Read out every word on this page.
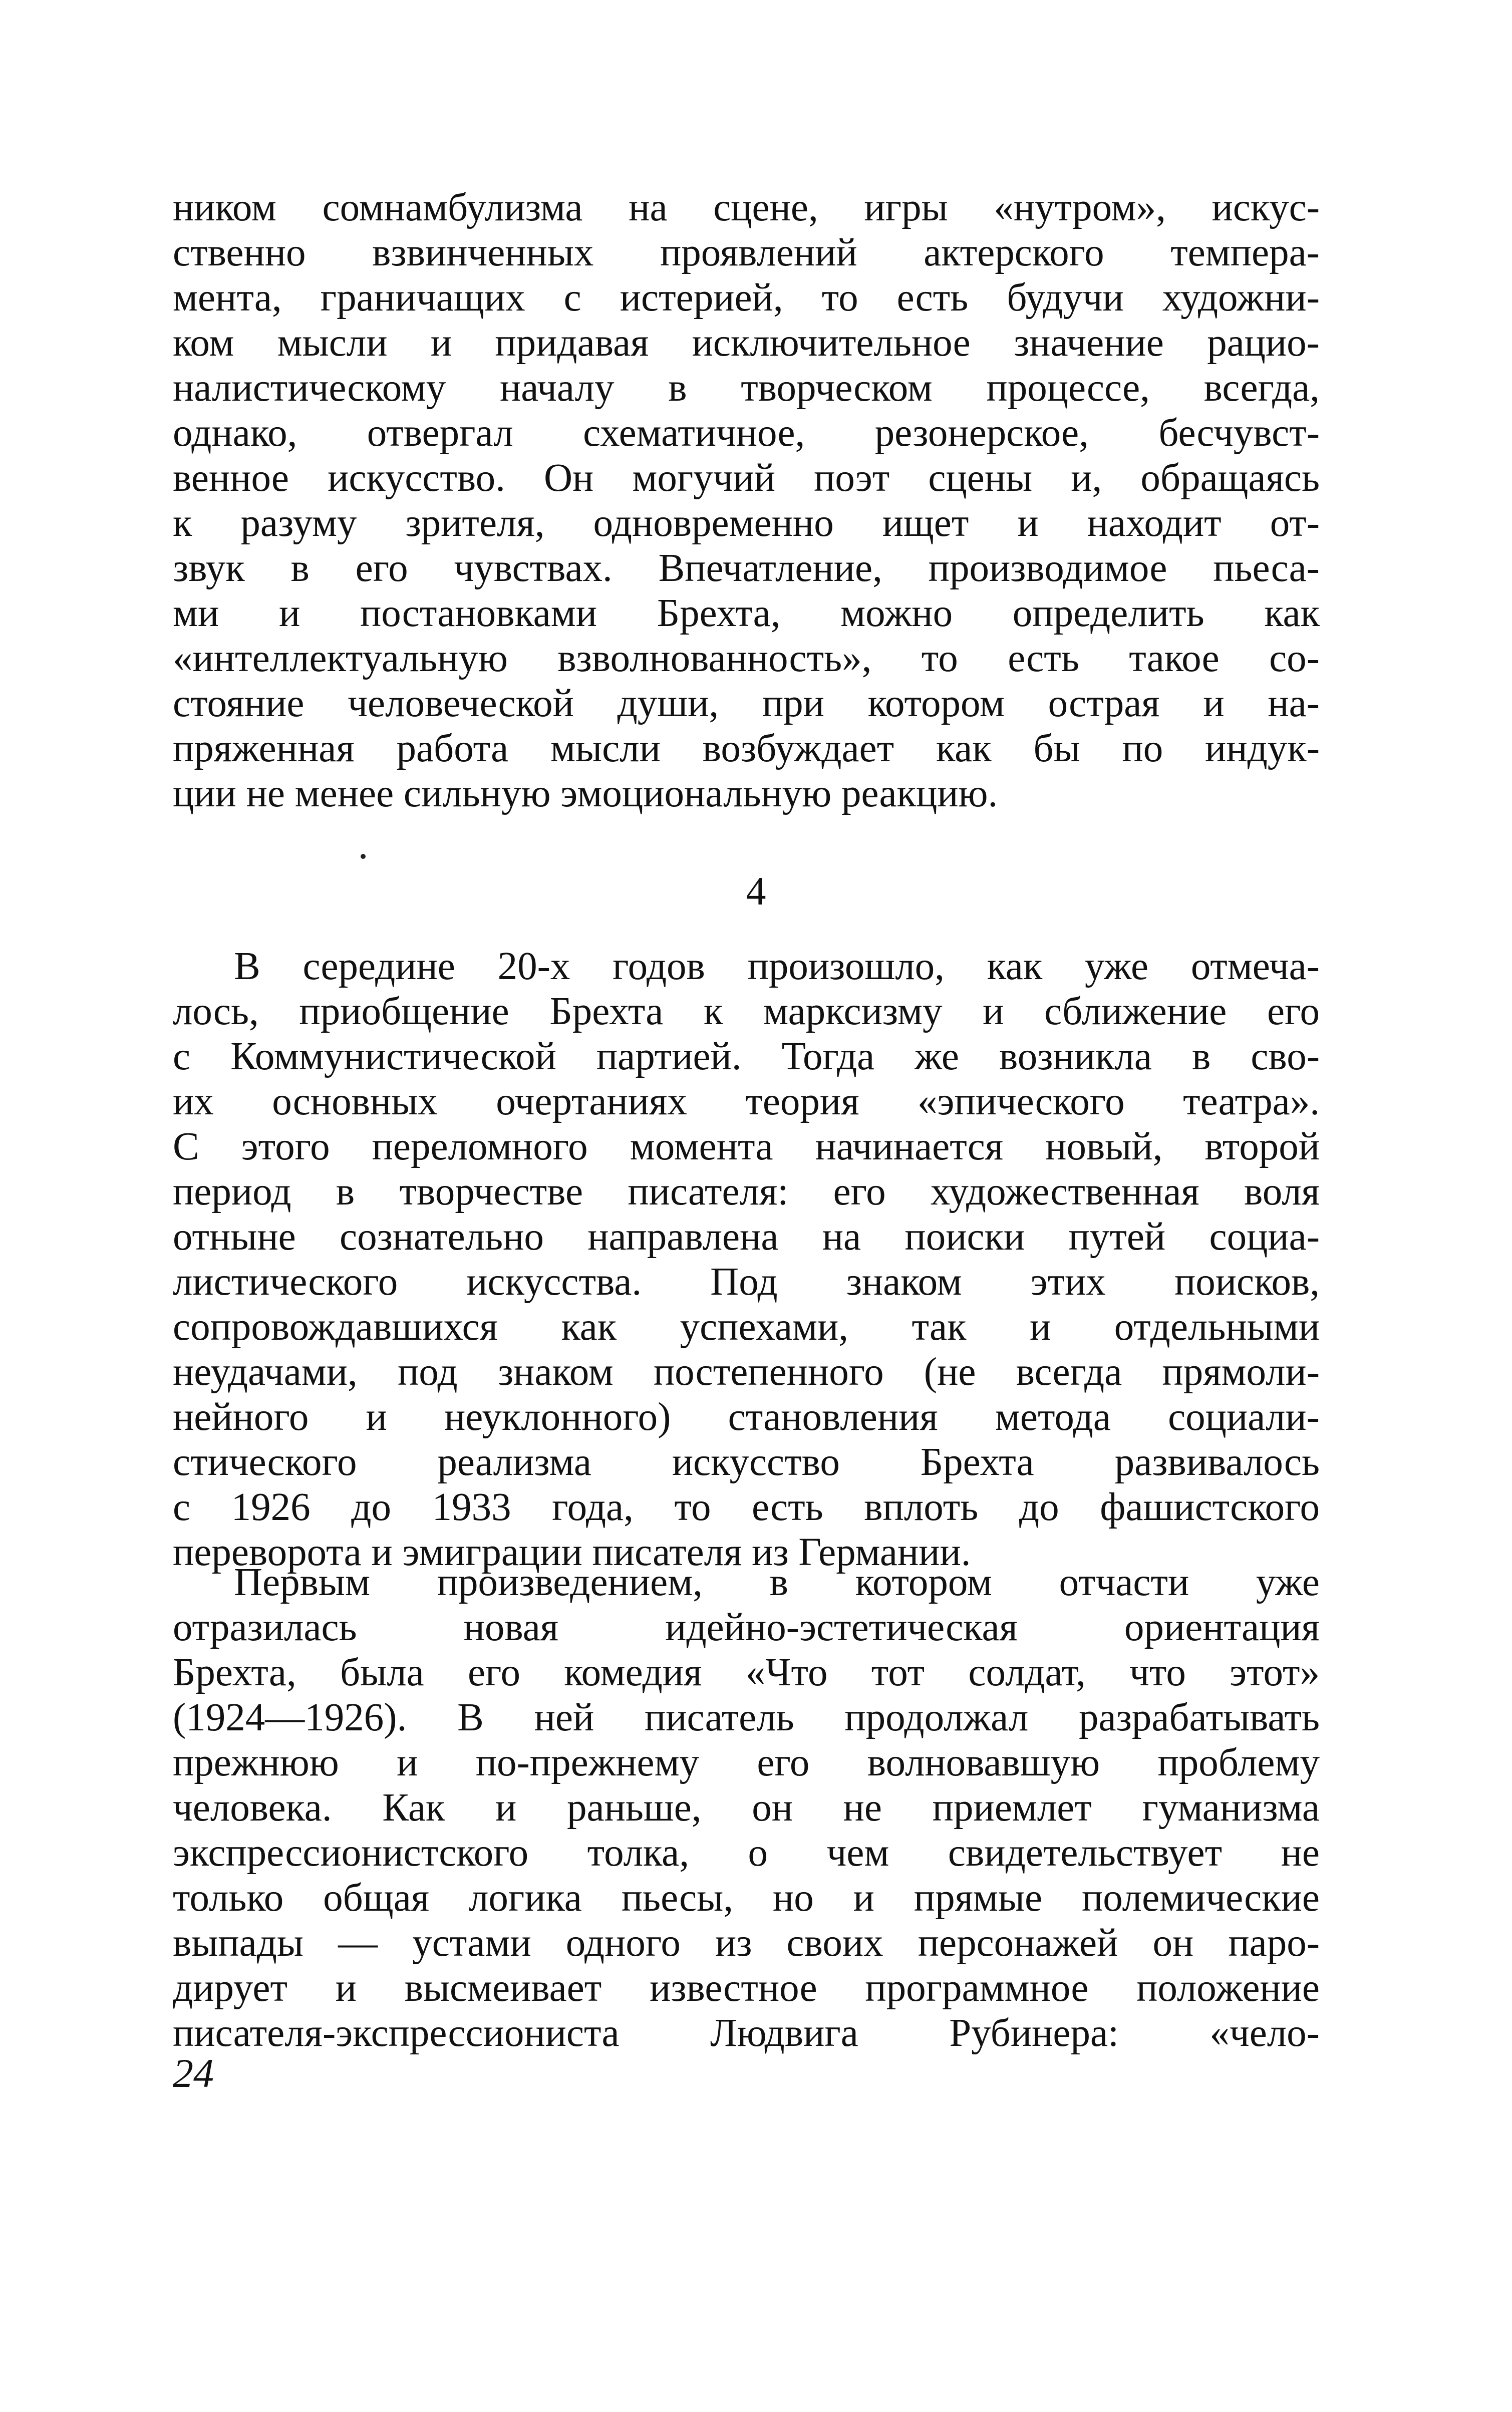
ником сомнамбулизма на сцене, игры «нутром», искус-
ственно взвинченных проявлений актерского темпера-
мента, граничащих с истерией, то есть будучи художни-
ком мысли и придавая исключительное значение рацио-
налистическому началу в творческом процессе, всегда,
однако, отвергал схематичное, резонерское, бесчувст-
венное искусство. Он могучий поэт сцены и, обращаясь
к разуму зрителя, одновременно ищет и находит от-
звук в его чувствах. Впечатление, производимое пьеса-
ми и постановками Брехта, можно определить как
«интеллектуальную взволнованность», то есть такое со-
стояние человеческой души, при котором острая и на-
пряженная работа мысли возбуждает как бы по индук-
ции не менее сильную эмоциональную реакцию.
4
В середине 20-х годов произошло, как уже отмеча-
лось, приобщение Брехта к марксизму и сближение его
с Коммунистической партией. Тогда же возникла в сво-
их основных очертаниях теория «эпического театра».
С этого переломного момента начинается новый, второй
период в творчестве писателя: его художественная воля
отныне сознательно направлена на поиски путей социа-
листического искусства. Под знаком этих поисков,
сопровождавшихся как успехами, так и отдельными
неудачами, под знаком постепенного (не всегда прямоли-
нейного и неуклонного) становления метода социали-
стического реализма искусство Брехта развивалось
с 1926 до 1933 года, то есть вплоть до фашистского
переворота и эмиграции писателя из Германии.
Первым произведением, в котором отчасти уже
отразилась новая идейно-эстетическая ориентация
Брехта, была его комедия «Что тот солдат, что этот»
(1924—1926). В ней писатель продолжал разрабатывать
прежнюю и по-прежнему его волновавшую проблему
человека. Как и раньше, он не приемлет гуманизма
экспрессионистского толка, о чем свидетельствует не
только общая логика пьесы, но и прямые полемические
выпады — устами одного из своих персонажей он паро-
дирует и высмеивает известное программное положение
писателя-экспрессиониста Людвига Рубинера: «чело-
24
